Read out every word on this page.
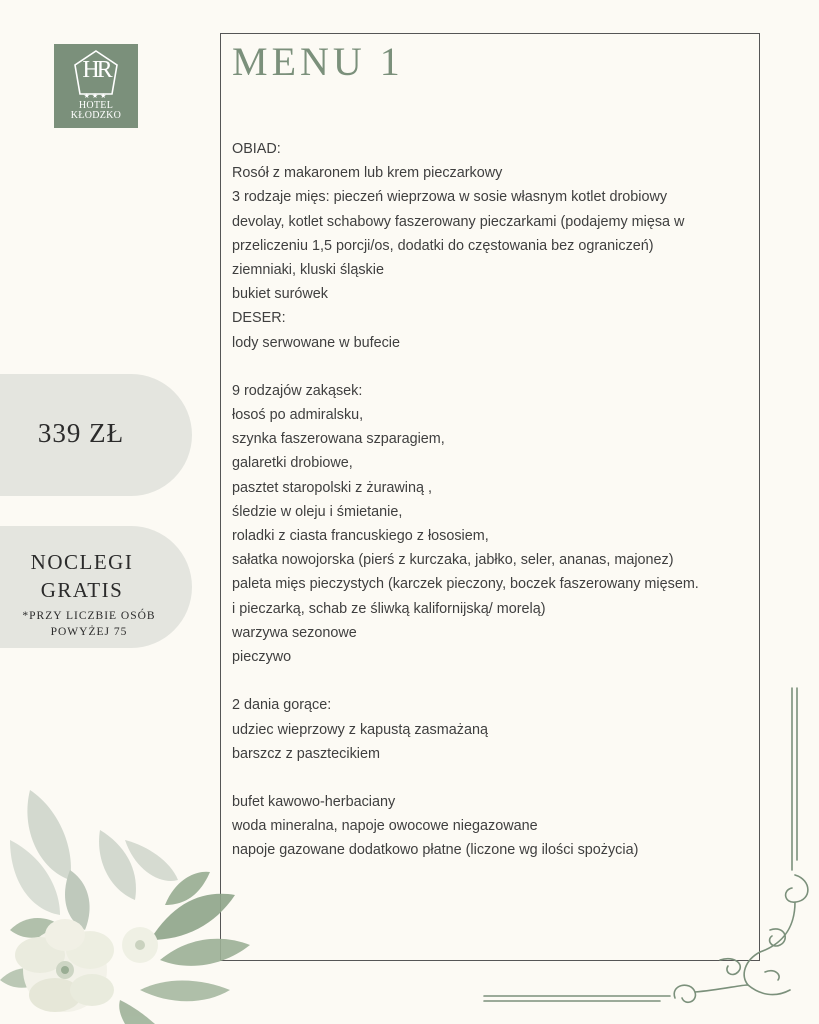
HR
★★★
HOTEL
KŁODZKO
339 ZŁ
NOCLEGI
GRATIS
*PRZY LICZBIE OSÓB
POWYŻEJ 75
MENU 1
OBIAD:
Rosół z makaronem lub krem pieczarkowy
3 rodzaje mięs: pieczeń wieprzowa w sosie własnym kotlet drobiowy
devolay, kotlet schabowy faszerowany pieczarkami (podajemy mięsa w
przeliczeniu 1,5 porcji/os, dodatki do częstowania bez ograniczeń)
ziemniaki, kluski śląskie
bukiet surówek
DESER:
lody serwowane w bufecie
9 rodzajów zakąsek:
łosoś po admiralsku,
szynka faszerowana szparagiem,
galaretki drobiowe,
pasztet staropolski z żurawiną ,
śledzie w oleju i śmietanie,
roladki z ciasta francuskiego z łososiem,
sałatka nowojorska (pierś z kurczaka, jabłko, seler, ananas, majonez)
paleta mięs pieczystych (karczek pieczony, boczek faszerowany mięsem.
i pieczarką, schab ze śliwką kalifornijską/ morelą)
warzywa sezonowe
pieczywo
2 dania gorące:
udziec wieprzowy z kapustą zasmażaną
barszcz z pasztecikiem
bufet kawowo-herbaciany
woda mineralna, napoje owocowe niegazowane
napoje gazowane dodatkowo płatne (liczone wg ilości spożycia)
